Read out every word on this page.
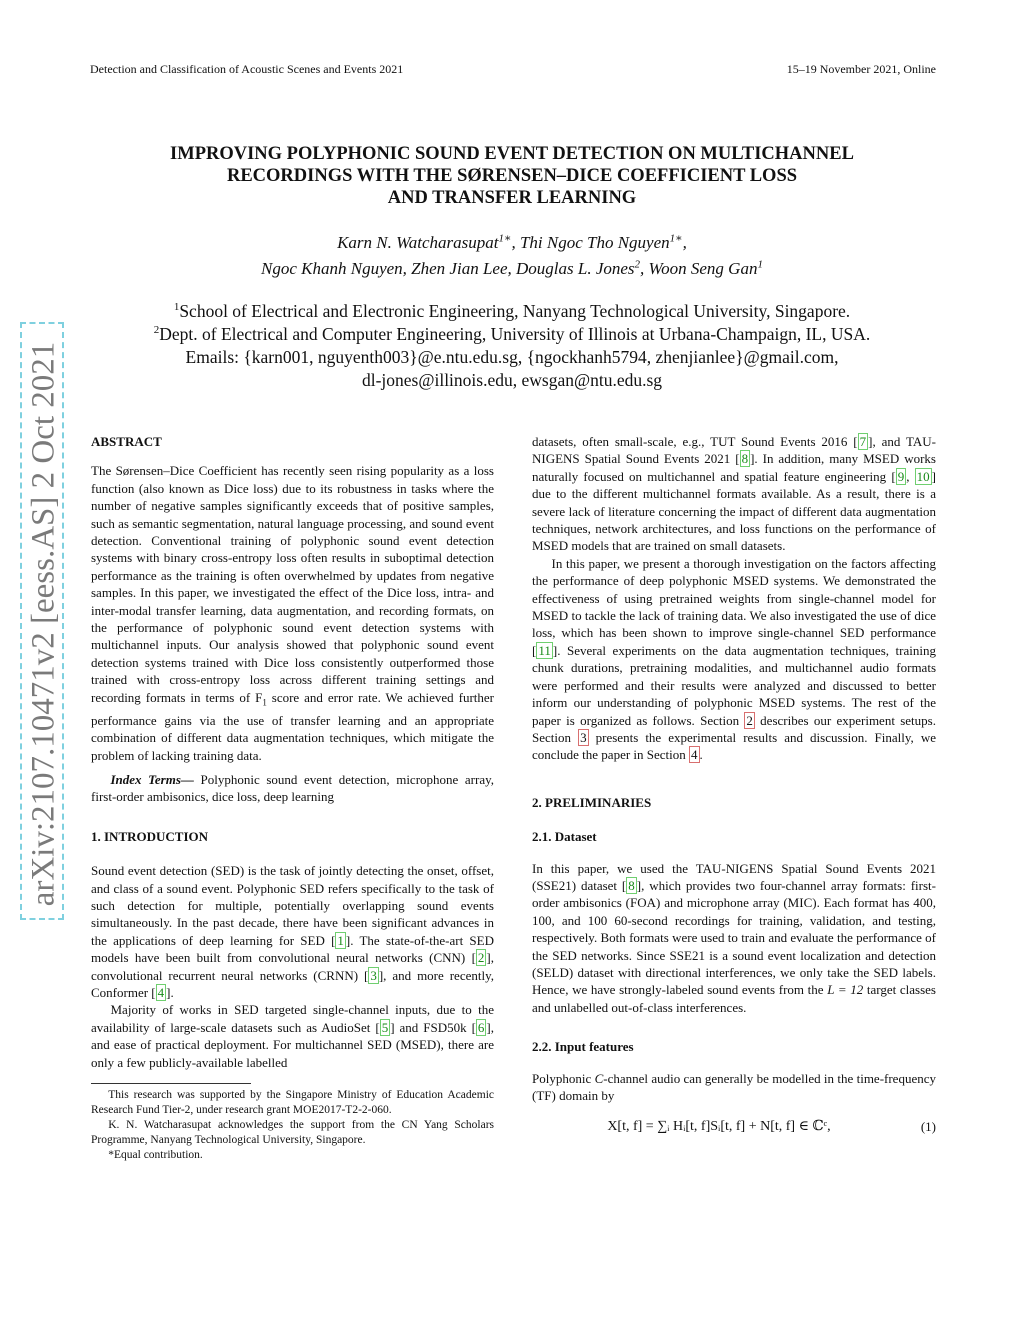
Detection and Classification of Acoustic Scenes and Events 2021	15–19 November 2021, Online
IMPROVING POLYPHONIC SOUND EVENT DETECTION ON MULTICHANNEL
RECORDINGS WITH THE SØRENSEN–DICE COEFFICIENT LOSS
AND TRANSFER LEARNING
Karn N. Watcharasupat$^{1∗}$, Thi Ngoc Tho Nguyen$^{1∗}$,
Ngoc Khanh Nguyen, Zhen Jian Lee, Douglas L. Jones$^2$, Woon Seng Gan$^1$
$^1$School of Electrical and Electronic Engineering, Nanyang Technological University, Singapore.
$^2$Dept. of Electrical and Computer Engineering, University of Illinois at Urbana-Champaign, IL, USA.
Emails: {karn001, nguyenth003}@e.ntu.edu.sg, {ngockhanh5794, zhenjianlee}@gmail.com,
dl-jones@illinois.edu, ewsgan@ntu.edu.sg
arXiv:2107.10471v2 [eess.AS] 2 Oct 2021 ABSTRACT

The Sørensen–Dice Coefficient has recently seen rising popularity as a loss function (also known as Dice loss) due to its robustness in tasks where the number of negative samples significantly exceeds that of positive samples, such as semantic segmentation, natural language processing, and sound event detection. Conventional training of polyphonic sound event detection systems with binary cross-entropy loss often results in suboptimal detection performance as the training is often overwhelmed by updates from negative samples. In this paper, we investigated the effect of the Dice loss, intra- and inter-modal transfer learning, data augmentation, and recording formats, on the performance of polyphonic sound event detection systems with multichannel inputs. Our analysis showed that polyphonic sound event detection systems trained with Dice loss consistently outperformed those trained with cross-entropy loss across different training settings and recording formats in terms of $F_1$ score and error rate. We achieved further performance gains via the use of transfer learning and an appropriate combination of different data augmentation techniques, which mitigate the problem of lacking training data.

Index Terms— Polyphonic sound event detection, microphone array, first-order ambisonics, dice loss, deep learning

1. INTRODUCTION

Sound event detection (SED) is the task of jointly detecting the onset, offset, and class of a sound event. Polyphonic SED refers specifically to the task of such detection for multiple, potentially overlapping sound events simultaneously. In the past decade, there have been significant advances in the applications of deep learning for SED [ 1 ]. The state-of-the-art SED models have been built from convolutional neural networks (CNN) [ 2 ], convolutional recurrent neural networks (CRNN) [ 3 ], and more recently, Conformer [ 4 ].

Majority of works in SED targeted single-channel inputs, due to the availability of large-scale datasets such as AudioSet [ 5 ] and FSD50k [ 6 ], and ease of practical deployment. For multichannel SED (MSED), there are only a few publicly-available labelled

This research was supported by the Singapore Ministry of Education Academic Research Fund Tier-2, under research grant MOE2017-T2-2-060.

K. N. Watcharasupat acknowledges the support from the CN Yang Scholars Programme, Nanyang Technological University, Singapore.

*Equal contribution.

datasets, often small-scale, e.g., TUT Sound Events 2016 [ 7 ], and TAU-NIGENS Spatial Sound Events 2021 [ 8 ]. In addition, many MSED works naturally focused on multichannel and spatial feature engineering [ 9 , 10 ] due to the different multichannel formats available. As a result, there is a severe lack of literature concerning the impact of different data augmentation techniques, network architectures, and loss functions on the performance of MSED models that are trained on small datasets.

In this paper, we present a thorough investigation on the factors affecting the performance of deep polyphonic MSED systems. We demonstrated the effectiveness of using pretrained weights from single-channel model for MSED to tackle the lack of training data. We also investigated the use of dice loss, which has been shown to improve single-channel SED performance [ 11 ]. Several experiments on the data augmentation techniques, training chunk durations, pretraining modalities, and multichannel audio formats were performed and their results were analyzed and discussed to better inform our understanding of polyphonic MSED systems. The rest of the paper is organized as follows. Section 2 describes our experiment setups. Section 3 presents the experimental results and discussion. Finally, we conclude the paper in Section 4 .

2. PRELIMINARIES

2.1. Dataset

In this paper, we used the TAU-NIGENS Spatial Sound Events 2021 (SSE21) dataset [ 8 ], which provides two four-channel array formats: first-order ambisonics (FOA) and microphone array (MIC). Each format has 400, 100, and 100 60-second recordings for training, validation, and testing, respectively. Both formats were used to train and evaluate the performance of the SED networks. Since SSE21 is a sound event localization and detection (SELD) dataset with directional interferences, we only take the SED labels. Hence, we have strongly-labeled sound events from the L = 12 target classes and unlabelled out-of-class interferences.

2.2. Input features

Polyphonic C-channel audio can generally be modelled in the time-frequency (TF) domain by

X[t, f] = ∑ᵢ Hᵢ[t, f]Sᵢ[t, f] + N[t, f] ∈ ℂᶜ,	(1)
